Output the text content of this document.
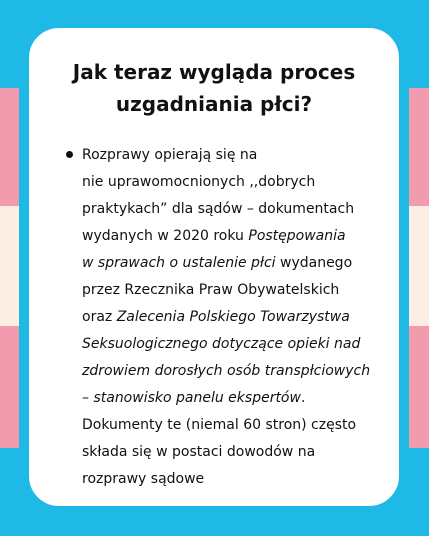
Jak teraz wygląda proces
uzgadniania płci?

Rozprawy opierają się na
nie uprawomocnionych ,,dobrych
praktykach” dla sądów – dokumentach
wydanych w 2020 roku Postępowania
w sprawach o ustalenie płci wydanego
przez Rzecznika Praw Obywatelskich
oraz Zalecenia Polskiego Towarzystwa
Seksuologicznego dotyczące opieki nad
zdrowiem dorosłych osób transpłciowych
– stanowisko panelu ekspertów.
Dokumenty te (niemal 60 stron) często
składa się w postaci dowodów na
rozprawy sądowe
